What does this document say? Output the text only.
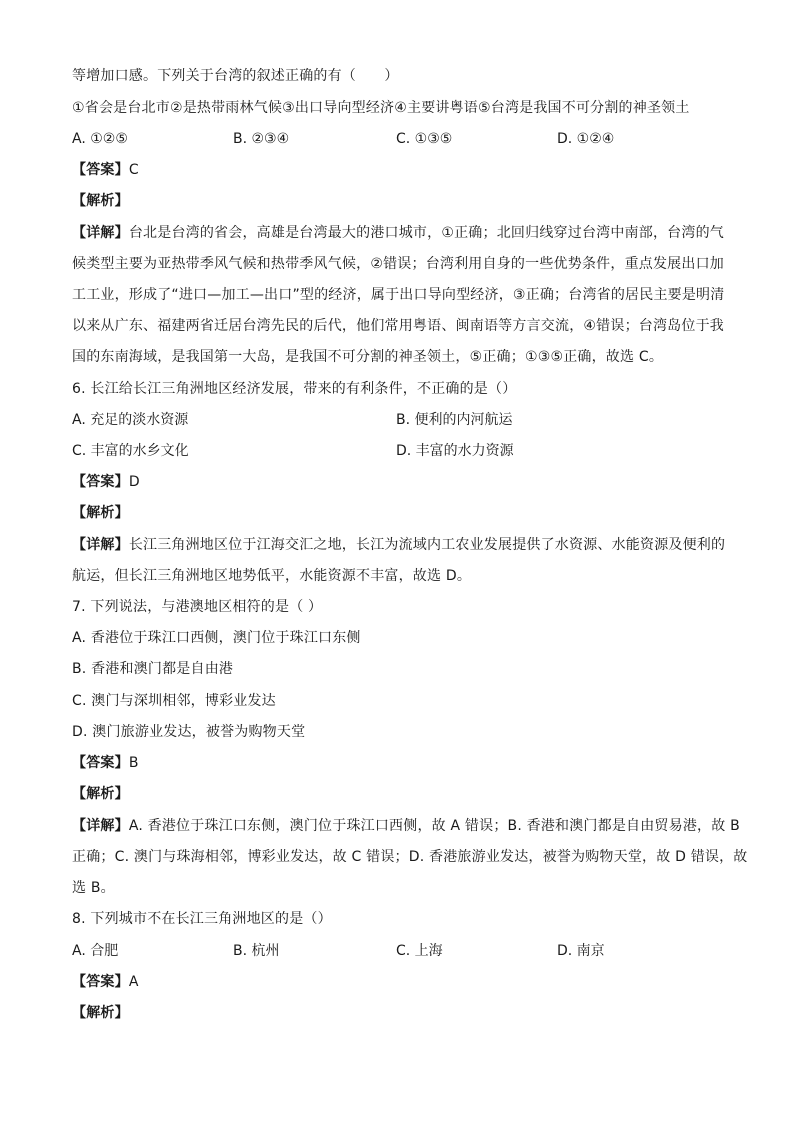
等增加口感。下列关于台湾的叙述正确的有（　　）
①省会是台北市②是热带雨林气候③出口导向型经济④主要讲粤语⑤台湾是我国不可分割的神圣领土
A. ①②⑤	B. ②③④	C. ①③⑤	D. ①②④
【答案】C
【解析】
【详解】台北是台湾的省会，高雄是台湾最大的港口城市，①正确；北回归线穿过台湾中南部，台湾的气
候类型主要为亚热带季风气候和热带季风气候，②错误；台湾利用自身的一些优势条件，重点发展出口加
工工业，形成了“进口—加工—出口”型的经济，属于出口导向型经济，③正确；台湾省的居民主要是明清
以来从广东、福建两省迁居台湾先民的后代，他们常用粤语、闽南语等方言交流，④错误；台湾岛位于我
国的东南海域，是我国第一大岛，是我国不可分割的神圣领土，⑤正确；①③⑤正确，故选 C。
6. 长江给长江三角洲地区经济发展，带来的有利条件，不正确的是（）
A. 充足的淡水资源	B. 便利的内河航运
C. 丰富的水乡文化	D. 丰富的水力资源
【答案】D
【解析】
【详解】长江三角洲地区位于江海交汇之地，长江为流域内工农业发展提供了水资源、水能资源及便利的
航运，但长江三角洲地区地势低平，水能资源不丰富，故选 D。
7. 下列说法，与港澳地区相符的是（ ）
A. 香港位于珠江口西侧，澳门位于珠江口东侧
B. 香港和澳门都是自由港
C. 澳门与深圳相邻，博彩业发达
D. 澳门旅游业发达，被誉为购物天堂
【答案】B
【解析】
【详解】A. 香港位于珠江口东侧，澳门位于珠江口西侧，故 A 错误；B. 香港和澳门都是自由贸易港，故 B
正确；C. 澳门与珠海相邻，博彩业发达，故 C 错误；D. 香港旅游业发达，被誉为购物天堂，故 D 错误，故
选 B。
8. 下列城市不在长江三角洲地区的是（）
A. 合肥	B. 杭州	C. 上海	D. 南京
【答案】A
【解析】
